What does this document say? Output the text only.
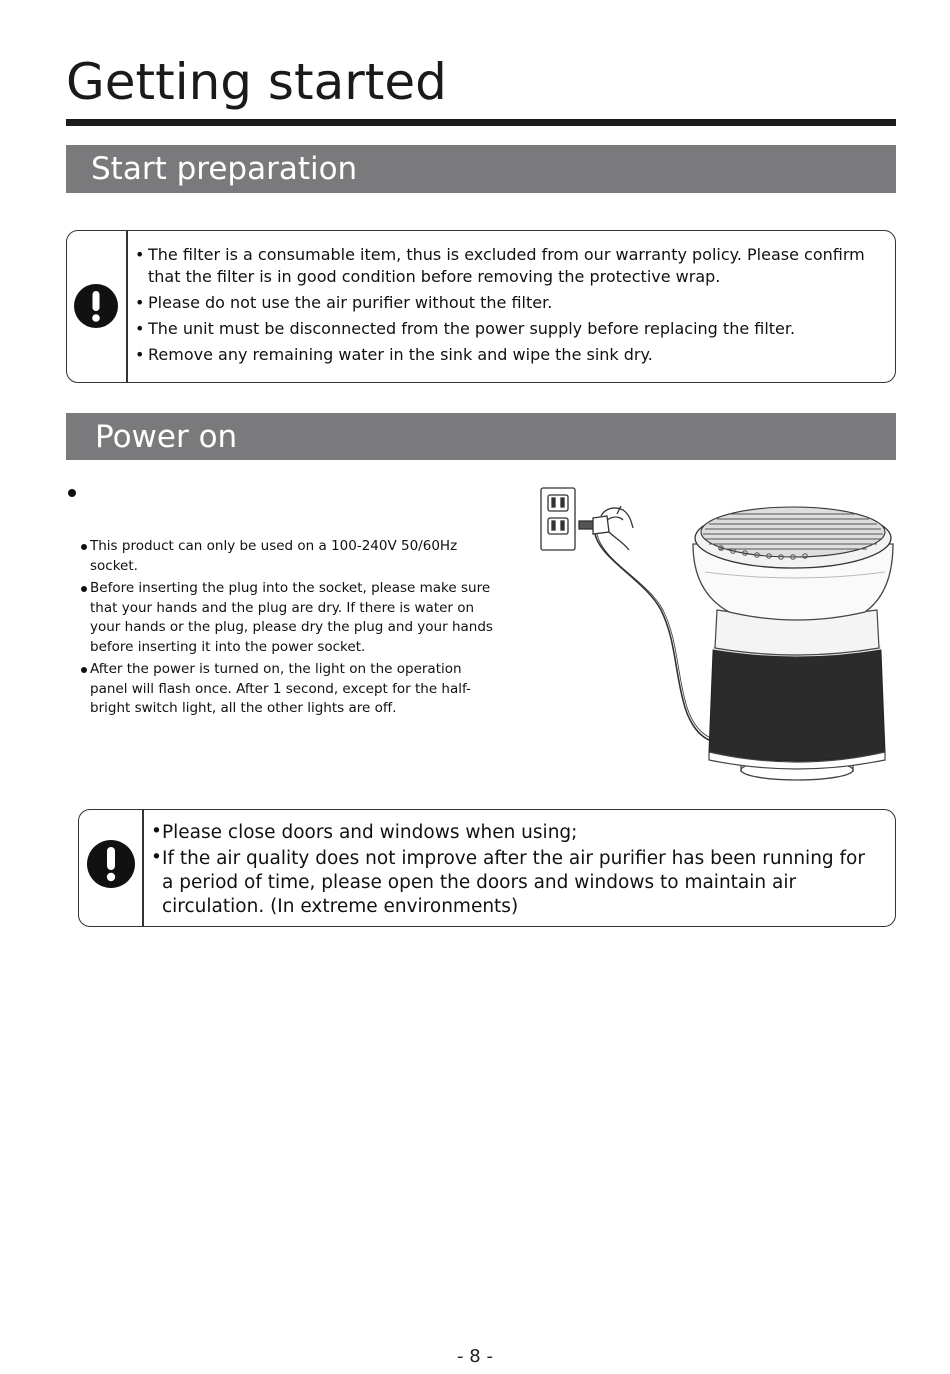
Getting started
Start preparation
• The filter is a consumable item, thus is excluded from our warranty policy. Please confirm that the filter is in good condition before removing the protective wrap.
• Please do not use the air purifier without the filter.
• The unit must be disconnected from the power supply before replacing the filter.
• Remove any remaining water in the sink and wipe the sink dry.
Power on
This product can only be used on a 100-240V 50/60Hz socket.
Before inserting the plug into the socket, please make sure that your hands and the plug are dry. If there is water on your hands or the plug, please dry the plug and your hands before inserting it into the power socket.
After the power is turned on, the light on the operation panel will flash once. After 1 second, except for the half-bright switch light, all the other lights are off.
• Please close doors and windows when using;
• If the air quality does not improve after the air purifier has been running for a period of time, please open the doors and windows to maintain air circulation. (In extreme environments)
- 8 -
